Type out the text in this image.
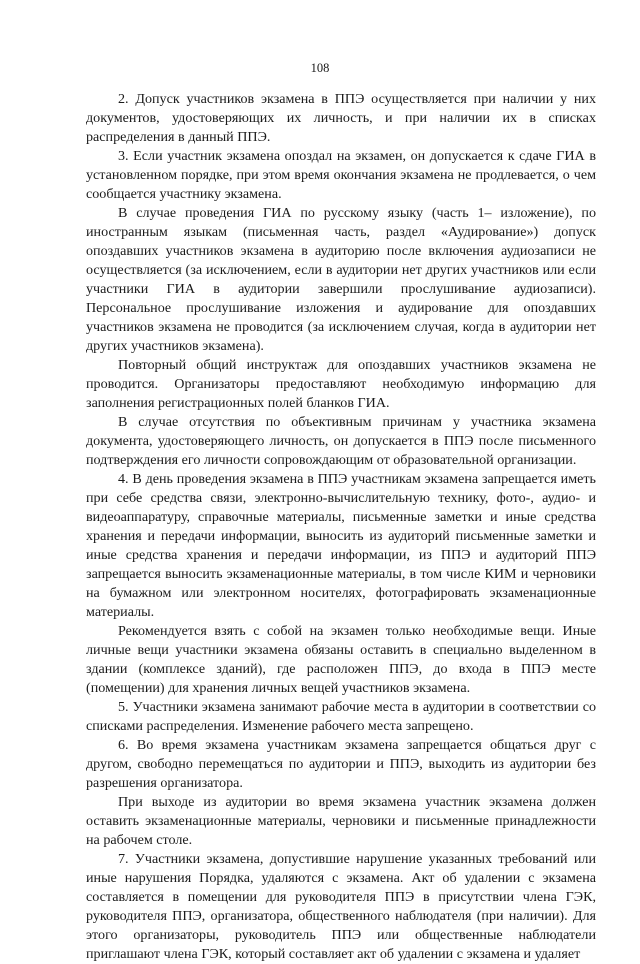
108

2. Допуск участников экзамена в ППЭ осуществляется при наличии у них документов, удостоверяющих их личность, и при наличии их в списках распределения в данный ППЭ.

3. Если участник экзамена опоздал на экзамен, он допускается к сдаче ГИА в установленном порядке, при этом время окончания экзамена не продлевается, о чем сообщается участнику экзамена.

В случае проведения ГИА по русскому языку (часть 1– изложение), по иностранным языкам (письменная часть, раздел «Аудирование») допуск опоздавших участников экзамена в аудиторию после включения аудиозаписи не осуществляется (за исключением, если в аудитории нет других участников или если участники ГИА в аудитории завершили прослушивание аудиозаписи). Персональное прослушивание изложения и аудирование для опоздавших участников экзамена не проводится (за исключением случая, когда в аудитории нет других участников экзамена).

Повторный общий инструктаж для опоздавших участников экзамена не проводится. Организаторы предоставляют необходимую информацию для заполнения регистрационных полей бланков ГИА.

В случае отсутствия по объективным причинам у участника экзамена документа, удостоверяющего личность, он допускается в ППЭ после письменного подтверждения его личности сопровождающим от образовательной организации.

4. В день проведения экзамена в ППЭ участникам экзамена запрещается иметь при себе средства связи, электронно-вычислительную технику, фото-, аудио- и видеоаппаратуру, справочные материалы, письменные заметки и иные средства хранения и передачи информации, выносить из аудиторий письменные заметки и иные средства хранения и передачи информации, из ППЭ и аудиторий ППЭ запрещается выносить экзаменационные материалы, в том числе КИМ и черновики на бумажном или электронном носителях, фотографировать экзаменационные материалы.

Рекомендуется взять с собой на экзамен только необходимые вещи. Иные личные вещи участники экзамена обязаны оставить в специально выделенном в здании (комплексе зданий), где расположен ППЭ, до входа в ППЭ месте (помещении) для хранения личных вещей участников экзамена.

5. Участники экзамена занимают рабочие места в аудитории в соответствии со списками распределения. Изменение рабочего места запрещено.

6. Во время экзамена участникам экзамена запрещается общаться друг с другом, свободно перемещаться по аудитории и ППЭ, выходить из аудитории без разрешения организатора.

При выходе из аудитории во время экзамена участник экзамена должен оставить экзаменационные материалы, черновики и письменные принадлежности на рабочем столе.

7. Участники экзамена, допустившие нарушение указанных требований или иные нарушения Порядка, удаляются с экзамена. Акт об удалении с экзамена составляется в помещении для руководителя ППЭ в присутствии члена ГЭК, руководителя ППЭ, организатора, общественного наблюдателя (при наличии). Для этого организаторы, руководитель ППЭ или общественные наблюдатели приглашают члена ГЭК, который составляет акт об удалении с экзамена и удаляет
